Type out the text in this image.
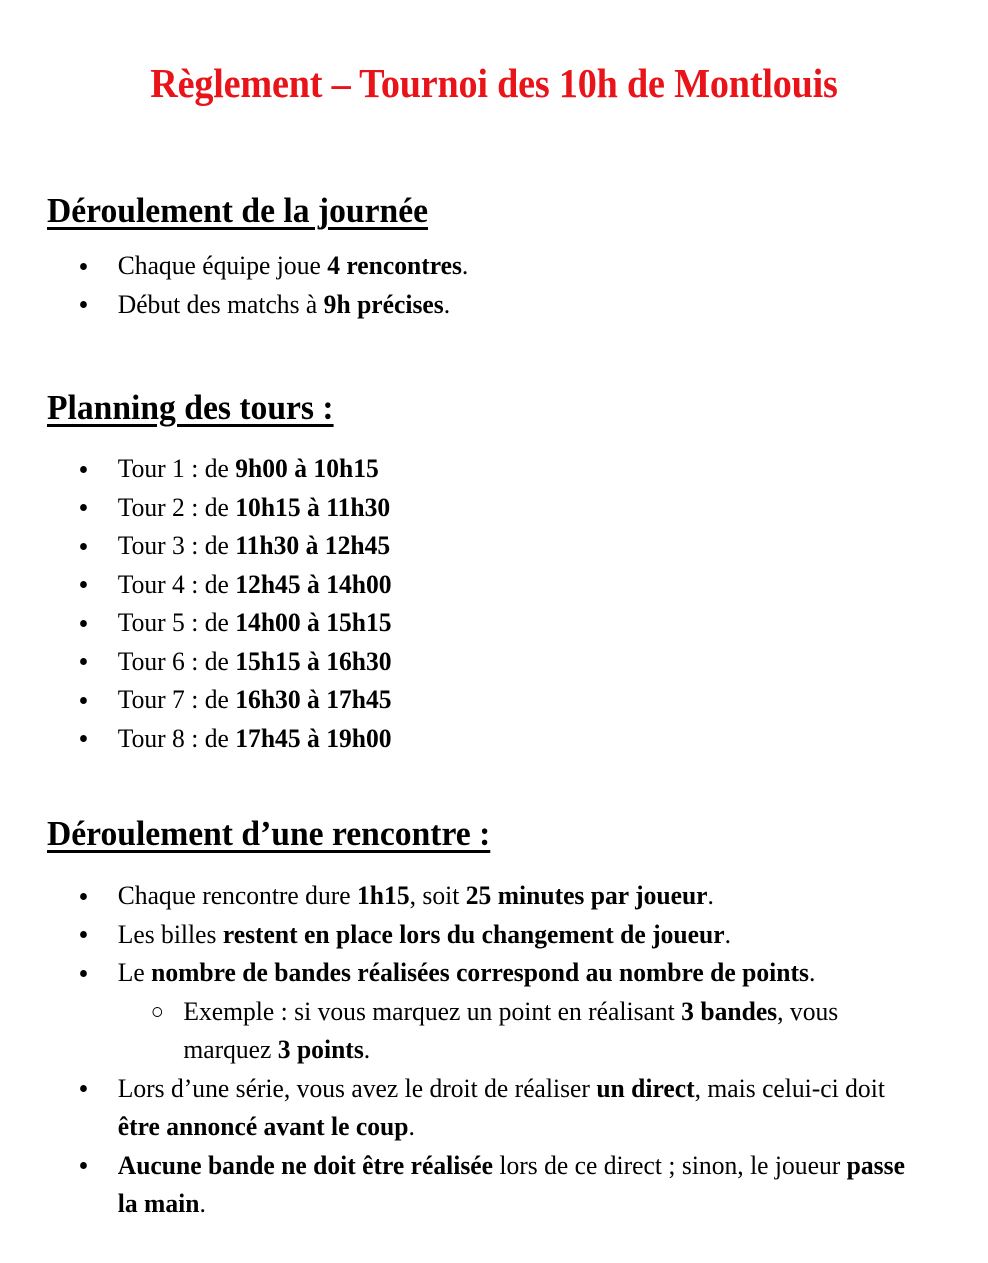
Règlement – Tournoi des 10h de Montlouis
Déroulement de la journée
Chaque équipe joue 4 rencontres.
Début des matchs à 9h précises.
Planning des tours :
Tour 1 : de 9h00 à 10h15
Tour 2 : de 10h15 à 11h30
Tour 3 : de 11h30 à 12h45
Tour 4 : de 12h45 à 14h00
Tour 5 : de 14h00 à 15h15
Tour 6 : de 15h15 à 16h30
Tour 7 : de 16h30 à 17h45
Tour 8 : de 17h45 à 19h00
Déroulement d’une rencontre :
Chaque rencontre dure 1h15, soit 25 minutes par joueur.
Les billes restent en place lors du changement de joueur.
Le nombre de bandes réalisées correspond au nombre de points.
Exemple : si vous marquez un point en réalisant 3 bandes, vous marquez 3 points.
Lors d’une série, vous avez le droit de réaliser un direct, mais celui-ci doit être annoncé avant le coup.
Aucune bande ne doit être réalisée lors de ce direct ; sinon, le joueur passe la main.
